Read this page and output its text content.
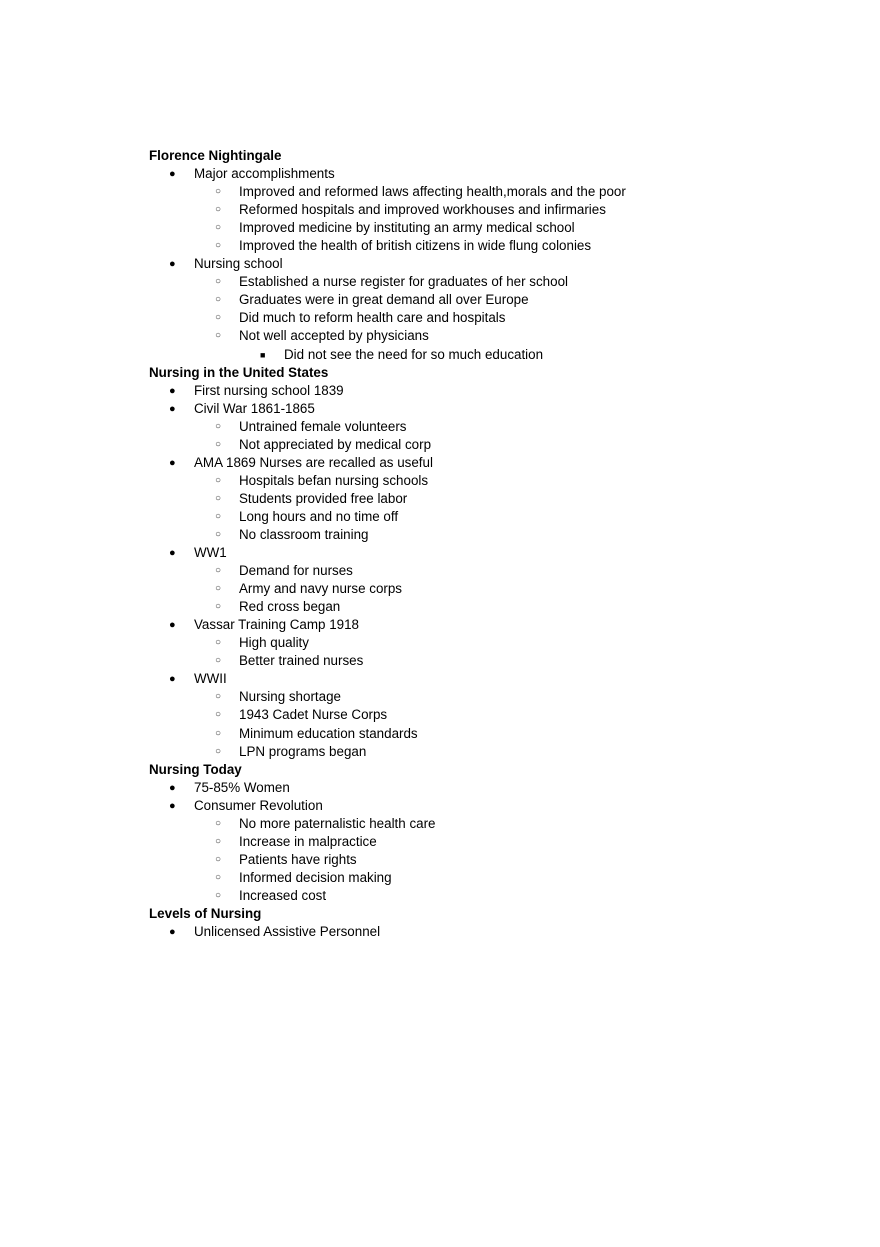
Florence Nightingale
● Major accomplishments
○ Improved and reformed laws affecting health,morals and the poor
○ Reformed hospitals and improved workhouses and infirmaries
○ Improved medicine by instituting an army medical school
○ Improved the health of british citizens in wide flung colonies
● Nursing school
○ Established a nurse register for graduates of her school
○ Graduates were in great demand all over Europe
○ Did much to reform health care and hospitals
○ Not well accepted by physicians
■ Did not see the need for so much education
Nursing in the United States
● First nursing school 1839
● Civil War 1861-1865
○ Untrained female volunteers
○ Not appreciated by medical corp
● AMA 1869 Nurses are recalled as useful
○ Hospitals befan nursing schools
○ Students provided free labor
○ Long hours and no time off
○ No classroom training
● WW1
○ Demand for nurses
○ Army and navy nurse corps
○ Red cross began
● Vassar Training Camp 1918
○ High quality
○ Better trained nurses
● WWII
○ Nursing shortage
○ 1943 Cadet Nurse Corps
○ Minimum education standards
○ LPN programs began
Nursing Today
● 75-85% Women
● Consumer Revolution
○ No more paternalistic health care
○ Increase in malpractice
○ Patients have rights
○ Informed decision making
○ Increased cost
Levels of Nursing
● Unlicensed Assistive Personnel
